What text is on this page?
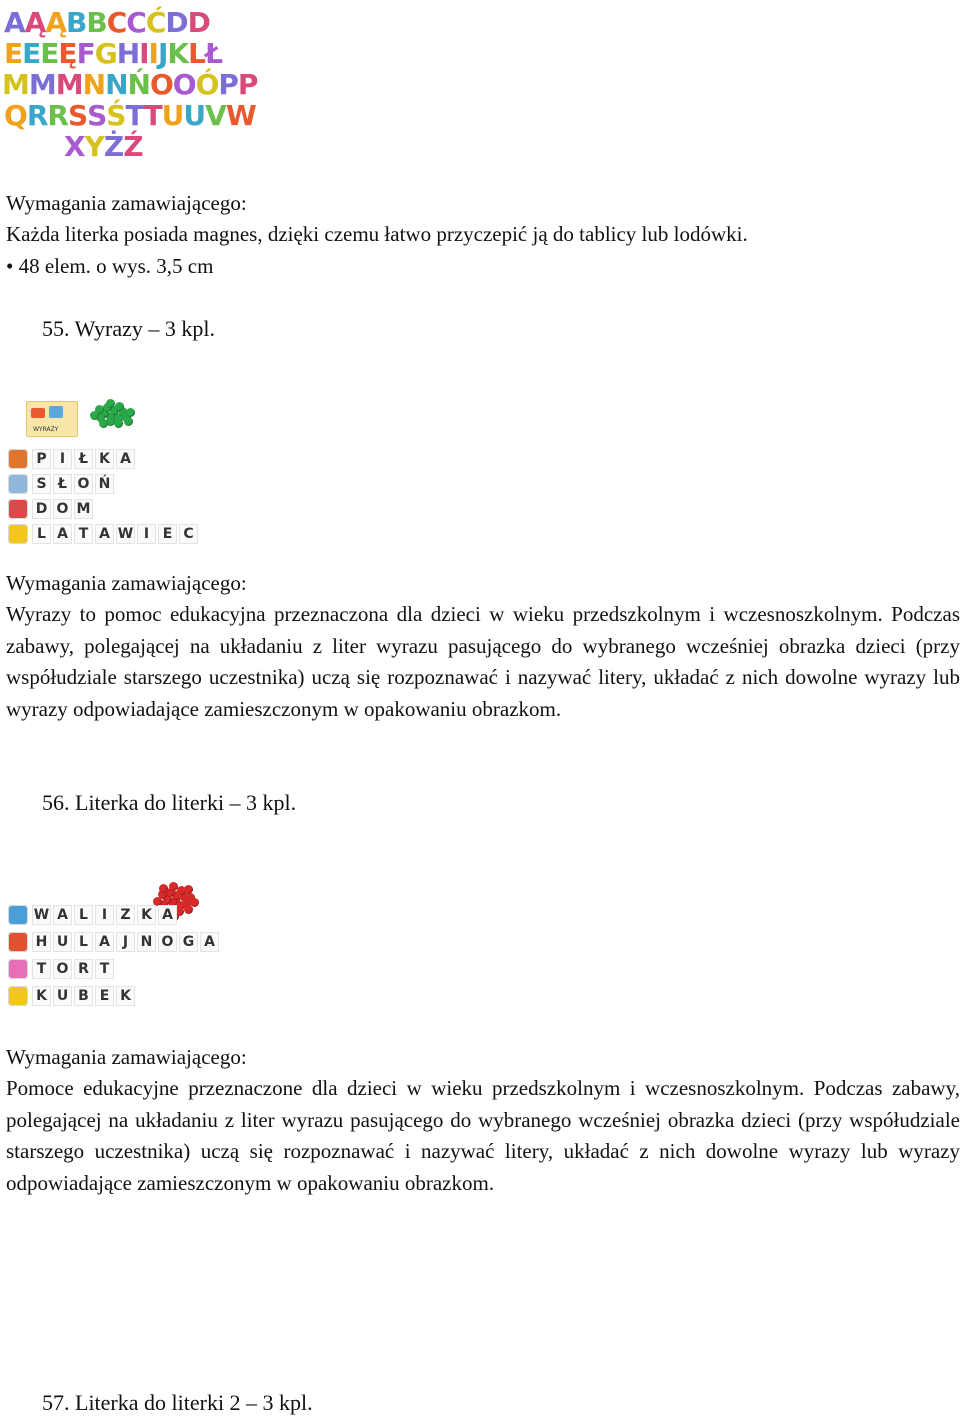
AĄĄBBCCĆDD
EEEĘFGHIIJKLŁ
MMMNNŃOOÓPP
QRRSSŚTTUUVW
XYŻŹ
Wymagania zamawiającego:
Każda literka posiada magnes, dzięki czemu łatwo przyczepić ją do tablicy lub lodówki.
• 48 elem. o wys. 3,5 cm
55. Wyrazy – 3 kpl.
WYRAZY
P I Ł K A
S Ł O Ń
D O M
L A T A W I E C
Wymagania zamawiającego:
Wyrazy to pomoc edukacyjna przeznaczona dla dzieci w wieku przedszkolnym i wczesnoszkolnym. Podczas zabawy, polegającej na układaniu z liter wyrazu pasującego do wybranego wcześniej obrazka dzieci (przy współudziale starszego uczestnika) uczą się rozpoznawać i nazywać litery, układać z nich dowolne wyrazy lub wyrazy odpowiadające zamieszczonym w opakowaniu obrazkom.
56. Literka do literki – 3 kpl.
W A L I Z K A
H U L A J N O G A
T O R T
K U B E K
Wymagania zamawiającego:
Pomoce edukacyjne przeznaczone dla dzieci w wieku przedszkolnym i wczesnoszkolnym. Podczas zabawy, polegającej na układaniu z liter wyrazu pasującego do wybranego wcześniej obrazka dzieci (przy współudziale starszego uczestnika) uczą się rozpoznawać i nazywać litery, układać z nich dowolne wyrazy lub wyrazy odpowiadające zamieszczonym w opakowaniu obrazkom.
57. Literka do literki 2 – 3 kpl.
